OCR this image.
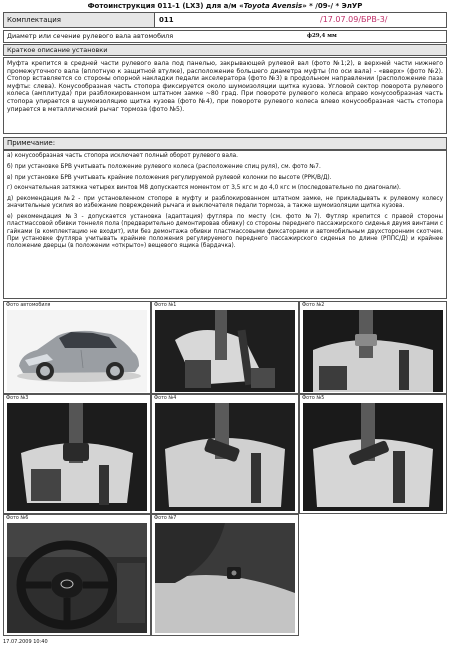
Фотоинструкция 011-1 (LX3) для а/м «Toyota Avensis» * /09-/ * ЭлУР
Комплектация	011	/17.07.09/БРВ-3/
Диаметр или сечение рулевого вала автомобиля	ф29,4 мм
Краткое описание установки
Муфта крепится в средней части рулевого вала под панелью, закрывающей рулевой вал (фото №1;2), в верхней части нижнего промежуточного вала (вплотную к защитной втулке), расположение большего диаметра муфты (по оси вала) - «вверх» (фото №2). Стопор вставляется со стороны опорной накладки педали акселератора (фото №3) в продольном направлении (расположение паза муфты: слева). Конусообразная часть стопора фиксируется около шумоизоляции щитка кузова. Угловой сектор поворота рулевого колеса (амплитуда) при разблокированном штатном замке ~80 град. При повороте рулевого колеса вправо конусообразная часть стопора упирается в шумоизоляцию щитка кузова (фото №4), при повороте рулевого колеса влево конусообразная часть стопора упирается в металлический рычаг тормоза (фото №5).
Примечание:

а) конусообразная часть стопора исключает полный оборот рулевого вала.

б) при установке БРВ учитывать положение рулевого колеса (расположение спиц руля), см. фото №7.

в) при установке БРВ учитывать крайние положения регулируемой рулевой колонки по высоте (РРК/В/Д).

г) окончательная затяжка четырех винтов М8 допускается моментом от 3,5 кгс м до 4,0 кгс м (последовательно по диагонали).

д) рекомендация №2 - при установленном стопоре в муфту и разблокированном штатном замке, не прикладывать к рулевому колесу значительные усилия во избежание повреждений рычага и выключателя педали тормоза, а также шумоизоляции щитка кузова.

е) рекомендация №3 - допускается установка (адаптация) футляра по месту (см. фото №7). Футляр крепится с правой стороны пластмассовой обивки тоннеля пола (предварительно демонтировав обивку) со стороны переднего пассажирского сиденья двумя винтами с гайками (в комплектацию не входит), или без демонтажа обивки пластмассовыми фиксаторами и автомобильным двухсторонним скотчем. При установке футляра учитывать крайние положения регулируемого переднего пассажирского сиденья по длине (РППС/Д) и крайнее положение дверцы (в положении «открыто») вещевого ящика (бардачка).

Фото автомобиля	Фото №1	Фото №2
Фото №3	Фото №4	Фото №5
Фото №6	Фото №7
17.07.2009 10:40
